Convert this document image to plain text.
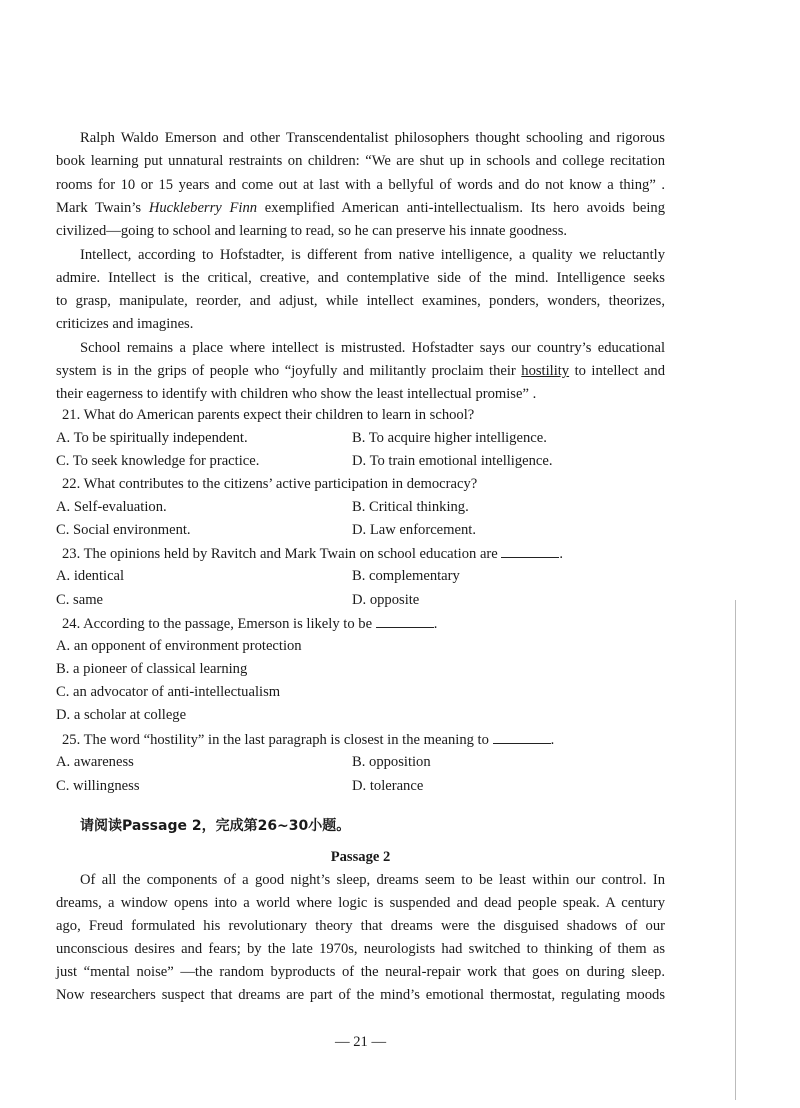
Ralph Waldo Emerson and other Transcendentalist philosophers thought schooling and rigorous
book learning put unnatural restraints on children: “We are shut up in schools and college recitation
rooms for 10 or 15 years and come out at last with a bellyful of words and do not know a thing” .
Mark Twain’s Huckleberry Finn exemplified American anti-intellectualism. Its hero avoids being
civilized—going to school and learning to read, so he can preserve his innate goodness.
Intellect, according to Hofstadter, is different from native intelligence, a quality we reluctantly
admire. Intellect is the critical, creative, and contemplative side of the mind. Intelligence seeks
to grasp, manipulate, reorder, and adjust, while intellect examines, ponders, wonders, theorizes,
criticizes and imagines.
School remains a place where intellect is mistrusted. Hofstadter says our country’s educational
system is in the grips of people who “joyfully and militantly proclaim their hostility to intellect and
their eagerness to identify with children who show the least intellectual promise” .
21. What do American parents expect their children to learn in school?
A. To be spiritually independent.	B. To acquire higher intelligence.
C. To seek knowledge for practice.	D. To train emotional intelligence.
22. What contributes to the citizens’ active participation in democracy?
A. Self-evaluation.	B. Critical thinking.
C. Social environment.	D. Law enforcement.
23. The opinions held by Ravitch and Mark Twain on school education are	.
A. identical	B. complementary
C. same	D. opposite
24. According to the passage, Emerson is likely to be	.
A. an opponent of environment protection
B. a pioneer of classical learning
C. an advocator of anti-intellectualism
D. a scholar at college
25. The word “hostility” in the last paragraph is closest in the meaning to	.
A. awareness	B. opposition
C. willingness	D. tolerance
请阅读Passage 2，完成第26~30小题。
Passage 2
Of all the components of a good night’s sleep, dreams seem to be least within our control. In
dreams, a window opens into a world where logic is suspended and dead people speak. A century
ago, Freud formulated his revolutionary theory that dreams were the disguised shadows of our
unconscious desires and fears; by the late 1970s, neurologists had switched to thinking of them as
just “mental noise” —the random byproducts of the neural-repair work that goes on during sleep.
Now researchers suspect that dreams are part of the mind’s emotional thermostat, regulating moods
— 21 —
